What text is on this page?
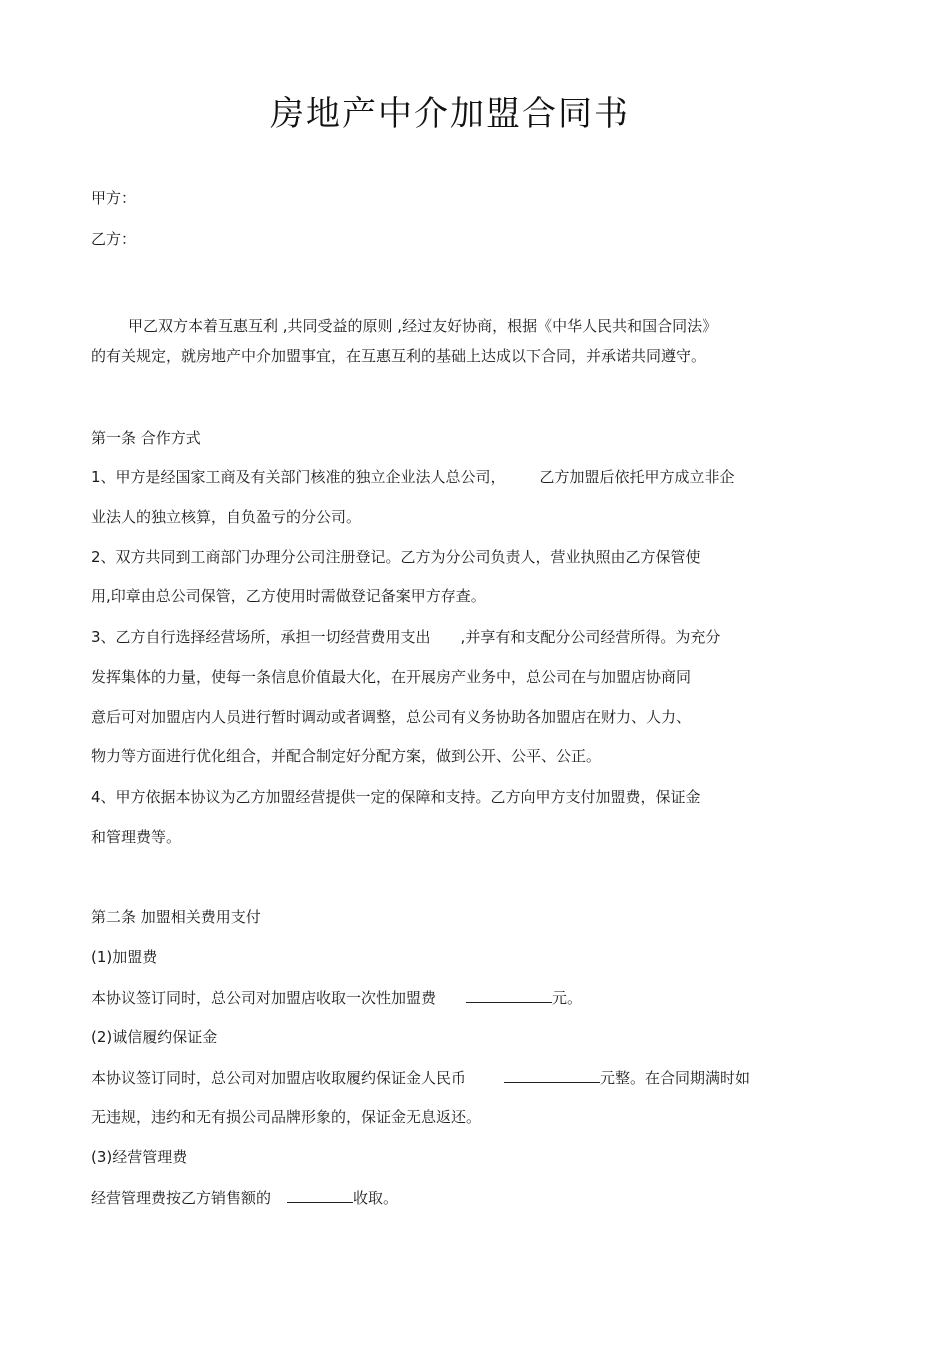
房地产中介加盟合同书
甲方：
乙方：
甲乙双方本着互惠互利 ,共同受益的原则 ,经过友好协商，根据《中华人民共和国合同法》
的有关规定，就房地产中介加盟事宜，在互惠互利的基础上达成以下合同，并承诺共同遵守。
第一条 合作方式
1、甲方是经国家工商及有关部门核准的独立企业法人总公司， 乙方加盟后依托甲方成立非企
业法人的独立核算，自负盈亏的分公司。
2、双方共同到工商部门办理分公司注册登记。乙方为分公司负责人，营业执照由乙方保管使
用,印章由总公司保管，乙方使用时需做登记备案甲方存查。
3、乙方自行选择经营场所，承担一切经营费用支出 ,并享有和支配分公司经营所得。为充分
发挥集体的力量，使每一条信息价值最大化，在开展房产业务中，总公司在与加盟店协商同
意后可对加盟店内人员进行暂时调动或者调整，总公司有义务协助各加盟店在财力、人力、
物力等方面进行优化组合，并配合制定好分配方案，做到公开、公平、公正。
4、甲方依据本协议为乙方加盟经营提供一定的保障和支持。乙方向甲方支付加盟费，保证金
和管理费等。
第二条 加盟相关费用支付
(1)加盟费
本协议签订同时，总公司对加盟店收取一次性加盟费	元。
(2)诚信履约保证金
本协议签订同时，总公司对加盟店收取履约保证金人民币	元整。在合同期满时如
无违规，违约和无有损公司品牌形象的，保证金无息返还。
(3)经营管理费
经营管理费按乙方销售额的	收取。
